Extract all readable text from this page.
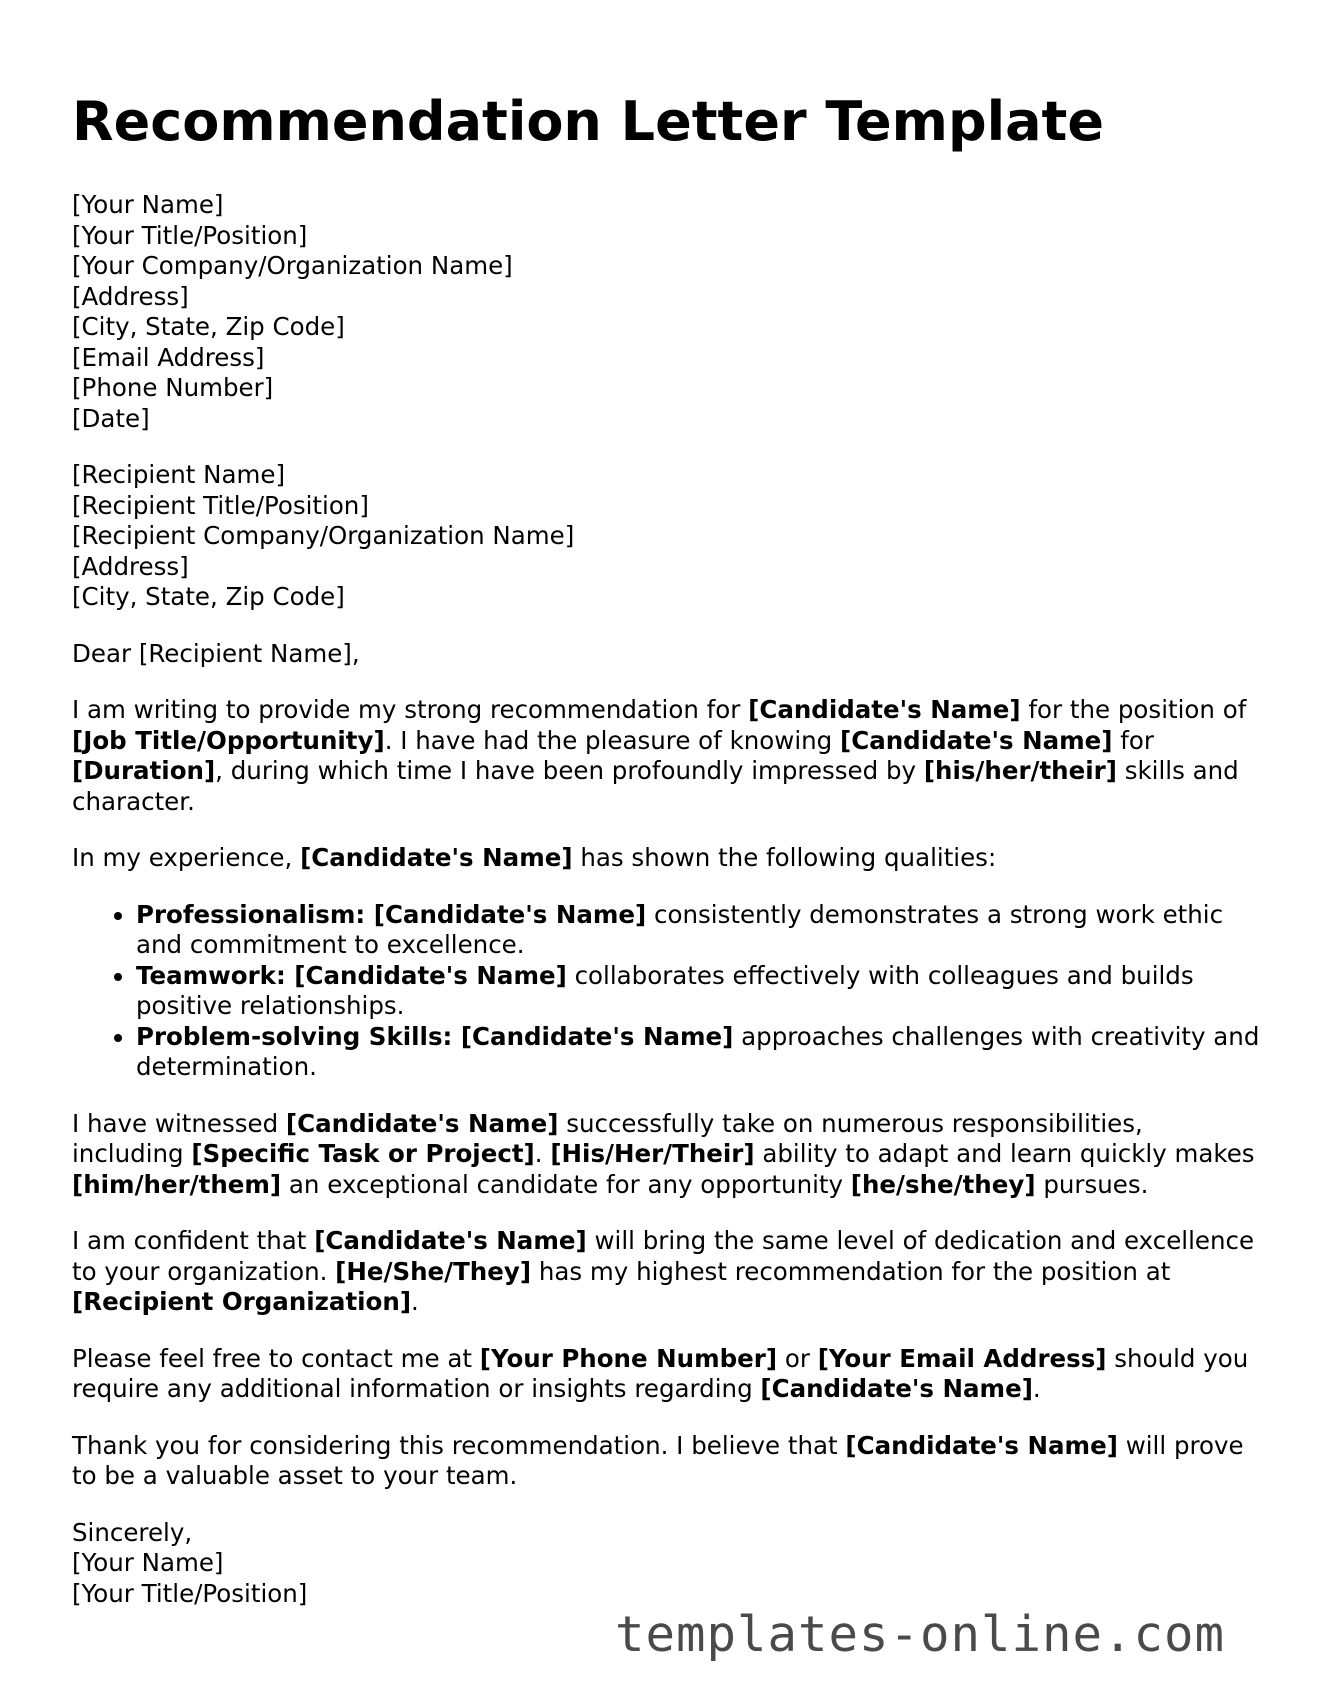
Recommendation Letter Template
[Your Name]
[Your Title/Position]
[Your Company/Organization Name]
[Address]
[City, State, Zip Code]
[Email Address]
[Phone Number]
[Date]
[Recipient Name]
[Recipient Title/Position]
[Recipient Company/Organization Name]
[Address]
[City, State, Zip Code]

Dear [Recipient Name],

I am writing to provide my strong recommendation for [Candidate's Name] for the position of [Job Title/Opportunity]. I have had the pleasure of knowing [Candidate's Name] for [Duration], during which time I have been profoundly impressed by [his/her/their] skills and character.

In my experience, [Candidate's Name] has shown the following qualities:

• Professionalism: [Candidate's Name] consistently demonstrates a strong work ethic and commitment to excellence.
• Teamwork: [Candidate's Name] collaborates effectively with colleagues and builds positive relationships.
• Problem-solving Skills: [Candidate's Name] approaches challenges with creativity and determination.

I have witnessed [Candidate's Name] successfully take on numerous responsibilities, including [Specific Task or Project]. [His/Her/Their] ability to adapt and learn quickly makes [him/her/them] an exceptional candidate for any opportunity [he/she/they] pursues.

I am confident that [Candidate's Name] will bring the same level of dedication and excellence to your organization. [He/She/They] has my highest recommendation for the position at [Recipient Organization].

Please feel free to contact me at [Your Phone Number] or [Your Email Address] should you require any additional information or insights regarding [Candidate's Name].

Thank you for considering this recommendation. I believe that [Candidate's Name] will prove to be a valuable asset to your team.

Sincerely,
[Your Name]
[Your Title/Position]
templates-online.com
